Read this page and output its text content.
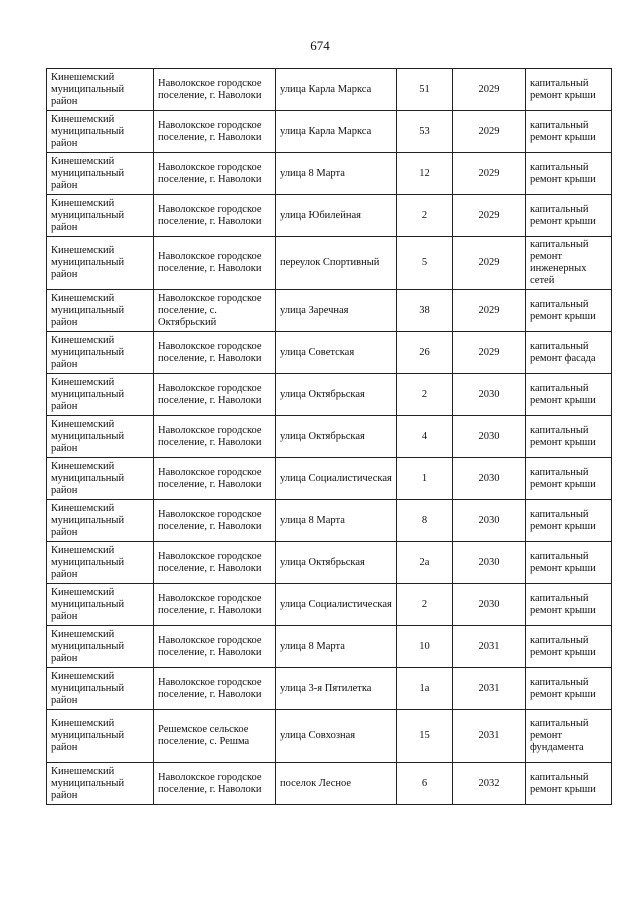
674
Кинешемский муниципальный район	Наволокское городское поселение, г. Наволоки	улица Карла Маркса	51	2029	капитальный ремонт крыши
Кинешемский муниципальный район	Наволокское городское поселение, г. Наволоки	улица Карла Маркса	53	2029	капитальный ремонт крыши
Кинешемский муниципальный район	Наволокское городское поселение, г. Наволоки	улица 8 Марта	12	2029	капитальный ремонт крыши
Кинешемский муниципальный район	Наволокское городское поселение, г. Наволоки	улица Юбилейная	2	2029	капитальный ремонт крыши
Кинешемский муниципальный район	Наволокское городское поселение, г. Наволоки	переулок Спортивный	5	2029	капитальный ремонт инженерных сетей
Кинешемский муниципальный район	Наволокское городское поселение, с. Октябрьский	улица Заречная	38	2029	капитальный ремонт крыши
Кинешемский муниципальный район	Наволокское городское поселение, г. Наволоки	улица Советская	26	2029	капитальный ремонт фасада
Кинешемский муниципальный район	Наволокское городское поселение, г. Наволоки	улица Октябрьская	2	2030	капитальный ремонт крыши
Кинешемский муниципальный район	Наволокское городское поселение, г. Наволоки	улица Октябрьская	4	2030	капитальный ремонт крыши
Кинешемский муниципальный район	Наволокское городское поселение, г. Наволоки	улица Социалистическая	1	2030	капитальный ремонт крыши
Кинешемский муниципальный район	Наволокское городское поселение, г. Наволоки	улица 8 Марта	8	2030	капитальный ремонт крыши
Кинешемский муниципальный район	Наволокское городское поселение, г. Наволоки	улица Октябрьская	2а	2030	капитальный ремонт крыши
Кинешемский муниципальный район	Наволокское городское поселение, г. Наволоки	улица Социалистическая	2	2030	капитальный ремонт крыши
Кинешемский муниципальный район	Наволокское городское поселение, г. Наволоки	улица 8 Марта	10	2031	капитальный ремонт крыши
Кинешемский муниципальный район	Наволокское городское поселение, г. Наволоки	улица 3-я Пятилетка	1а	2031	капитальный ремонт крыши
Кинешемский муниципальный район	Решемское сельское поселение, с. Решма	улица Совхозная	15	2031	капитальный ремонт фундамента
Кинешемский муниципальный район	Наволокское городское поселение, г. Наволоки	поселок Лесное	6	2032	капитальный ремонт крыши
